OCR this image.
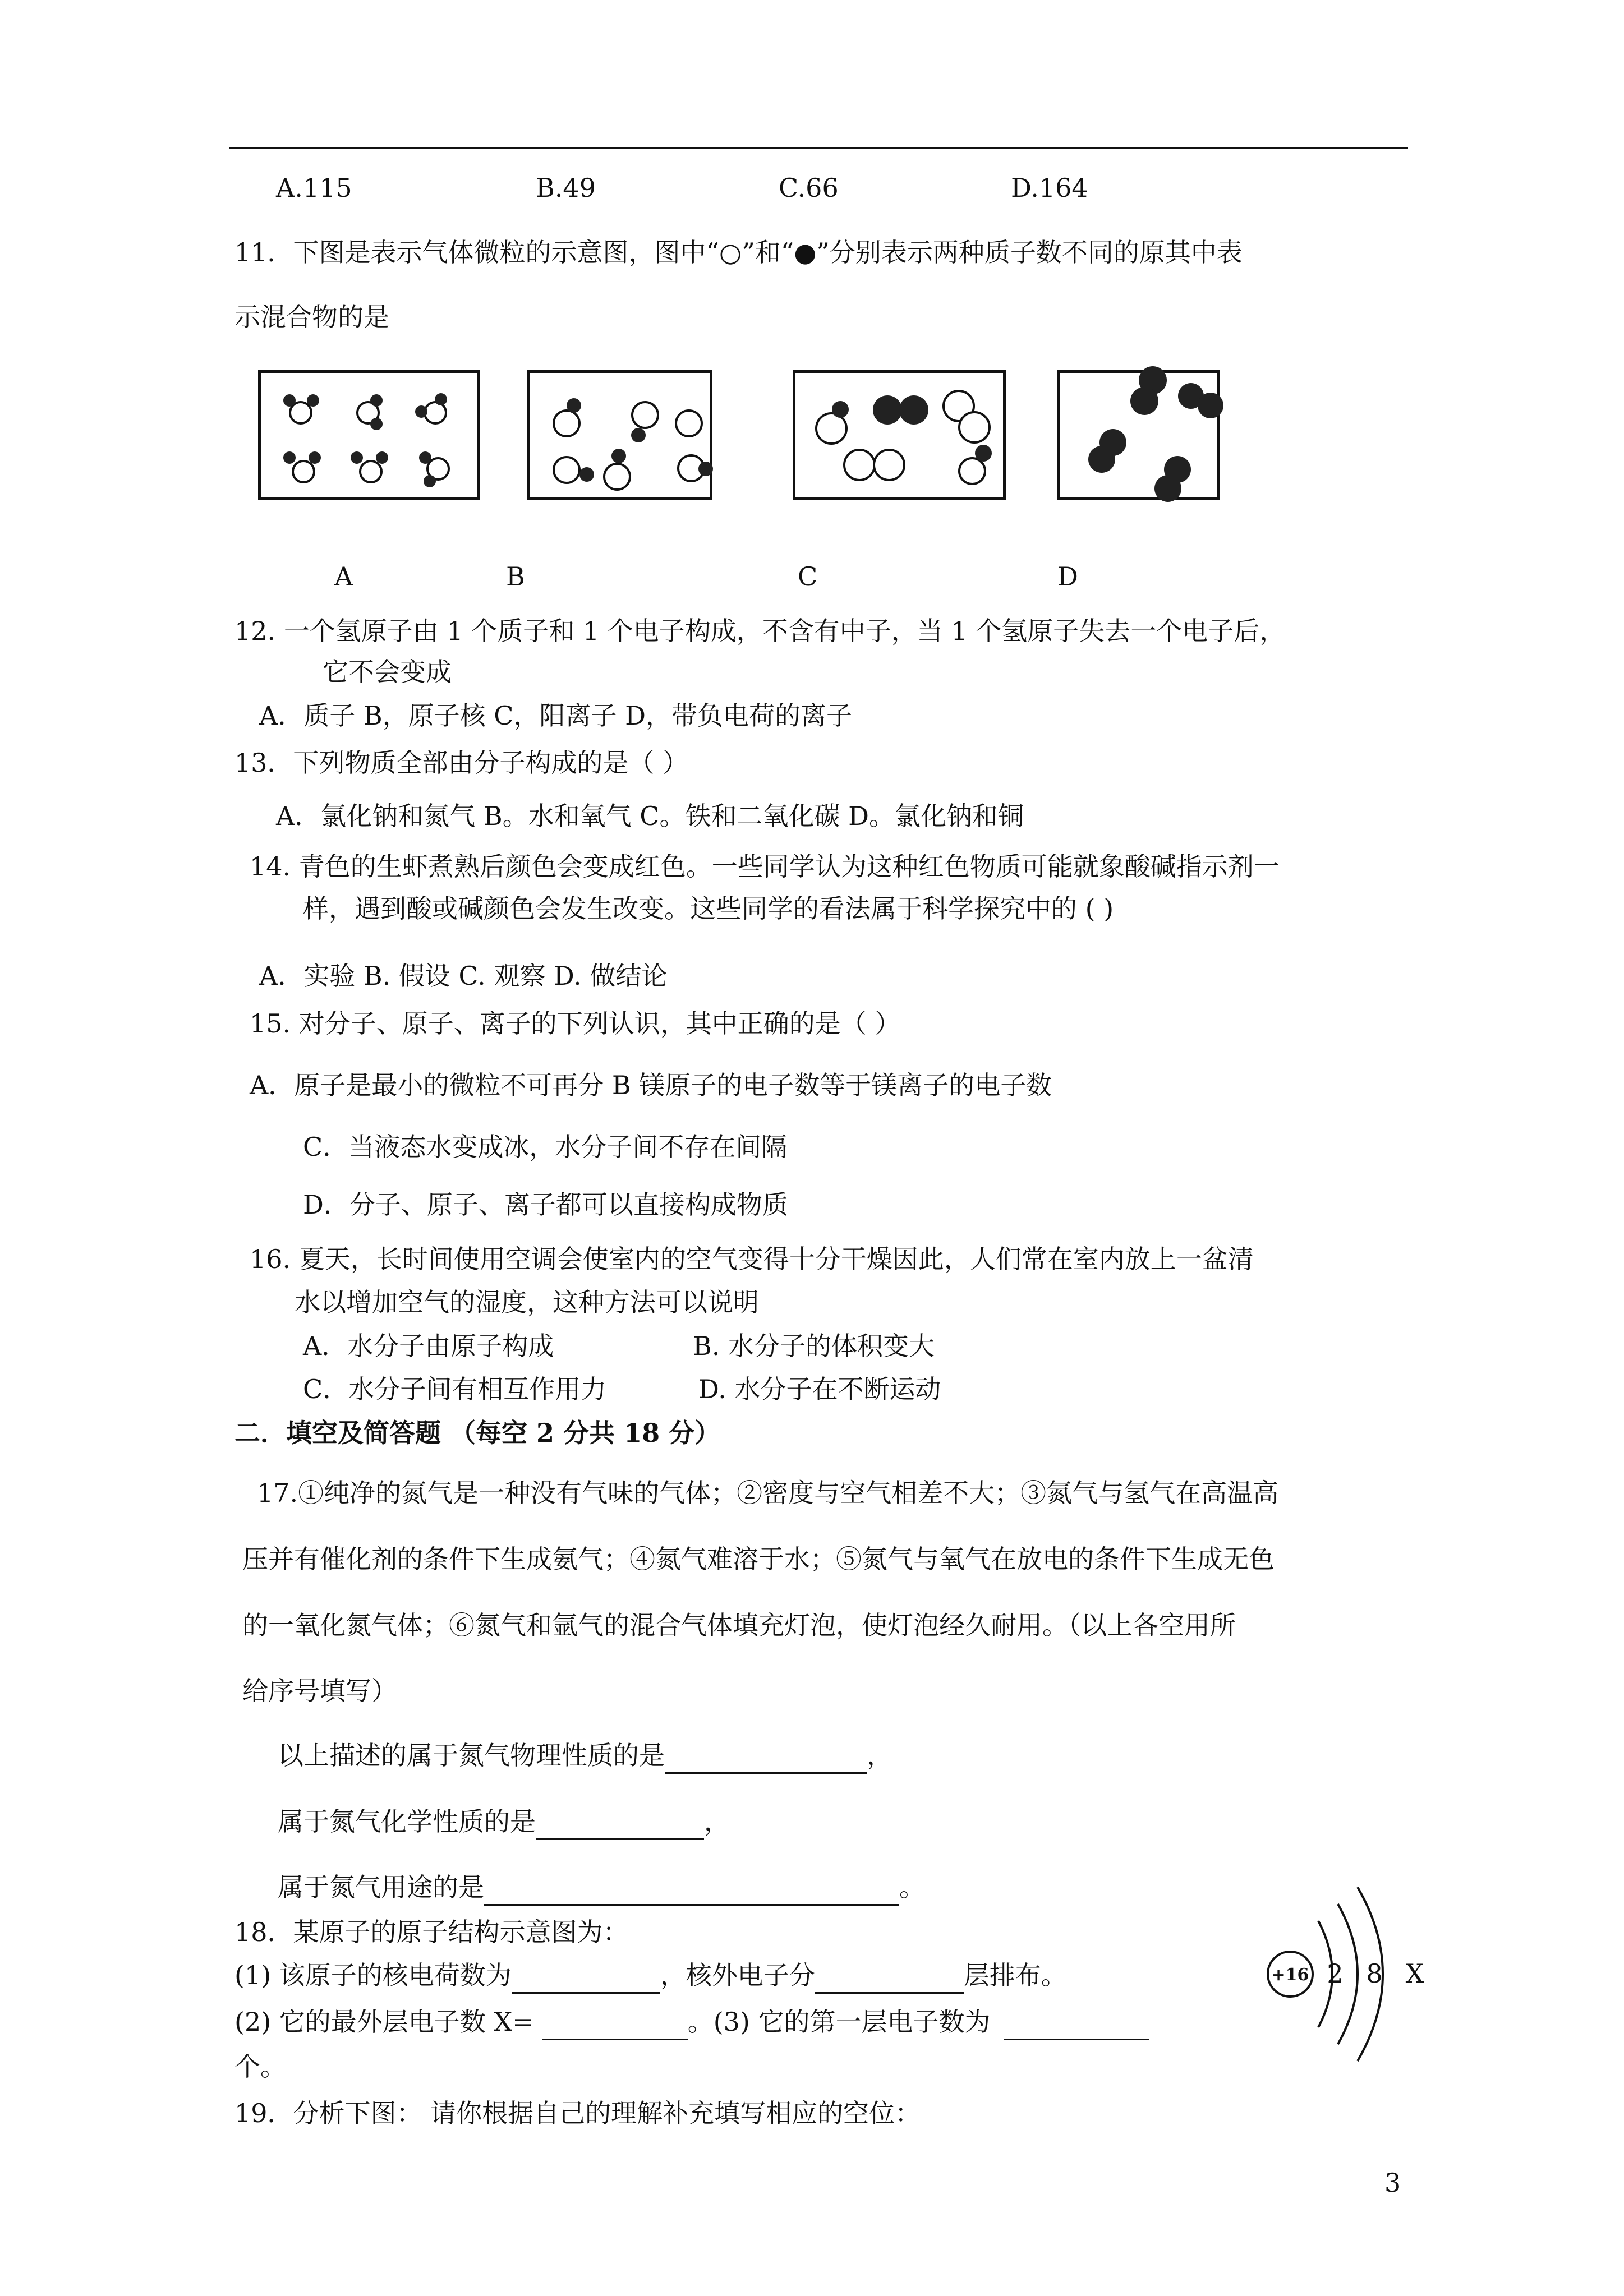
A.115	B.49	C.66	D.164
11．下图是表示气体微粒的示意图，图中“○”和“●”分别表示两种质子数不同的原其中表
示混合物的是
A	B	C	D
12. 一个氢原子由 1 个质子和 1 个电子构成，不含有中子，当 1 个氢原子失去一个电子后，
它不会变成
A．质子 B，原子核 C，阳离子 D，带负电荷的离子
13．下列物质全部由分子构成的是（ ）
A．氯化钠和氮气 B。水和氧气 C。铁和二氧化碳 D。氯化钠和铜
14. 青色的生虾煮熟后颜色会变成红色。一些同学认为这种红色物质可能就象酸碱指示剂一
样，遇到酸或碱颜色会发生改变。这些同学的看法属于科学探究中的 ( )
A．实验 B. 假设 C. 观察 D. 做结论
15. 对分子、原子、离子的下列认识，其中正确的是（ ）
A．原子是最小的微粒不可再分 B 镁原子的电子数等于镁离子的电子数
C．当液态水变成冰，水分子间不存在间隔
D．分子、原子、离子都可以直接构成物质
16. 夏天，长时间使用空调会使室内的空气变得十分干燥因此，人们常在室内放上一盆清
水以增加空气的湿度，这种方法可以说明
A．水分子由原子构成	B. 水分子的体积变大
C．水分子间有相互作用力	D. 水分子在不断运动
二．填空及简答题 （每空 2 分共 18 分）
17.①纯净的氮气是一种没有气味的气体；②密度与空气相差不大；③氮气与氢气在高温高
压并有催化剂的条件下生成氨气；④氮气难溶于水；⑤氮气与氧气在放电的条件下生成无色
的一氧化氮气体；⑥氮气和氩气的混合气体填充灯泡，使灯泡经久耐用。（以上各空用所
给序号填写）
以上描述的属于氮气物理性质的是	，
属于氮气化学性质的是	，
属于氮气用途的是	。
18．某原子的原子结构示意图为：
(1) 该原子的核电荷数为	，核外电子分	层排布。
(2) 它的最外层电子数 X=	。(3) 它的第一层电子数为
个。
+16 2 8 X
19．分析下图： 请你根据自己的理解补充填写相应的空位：
3
